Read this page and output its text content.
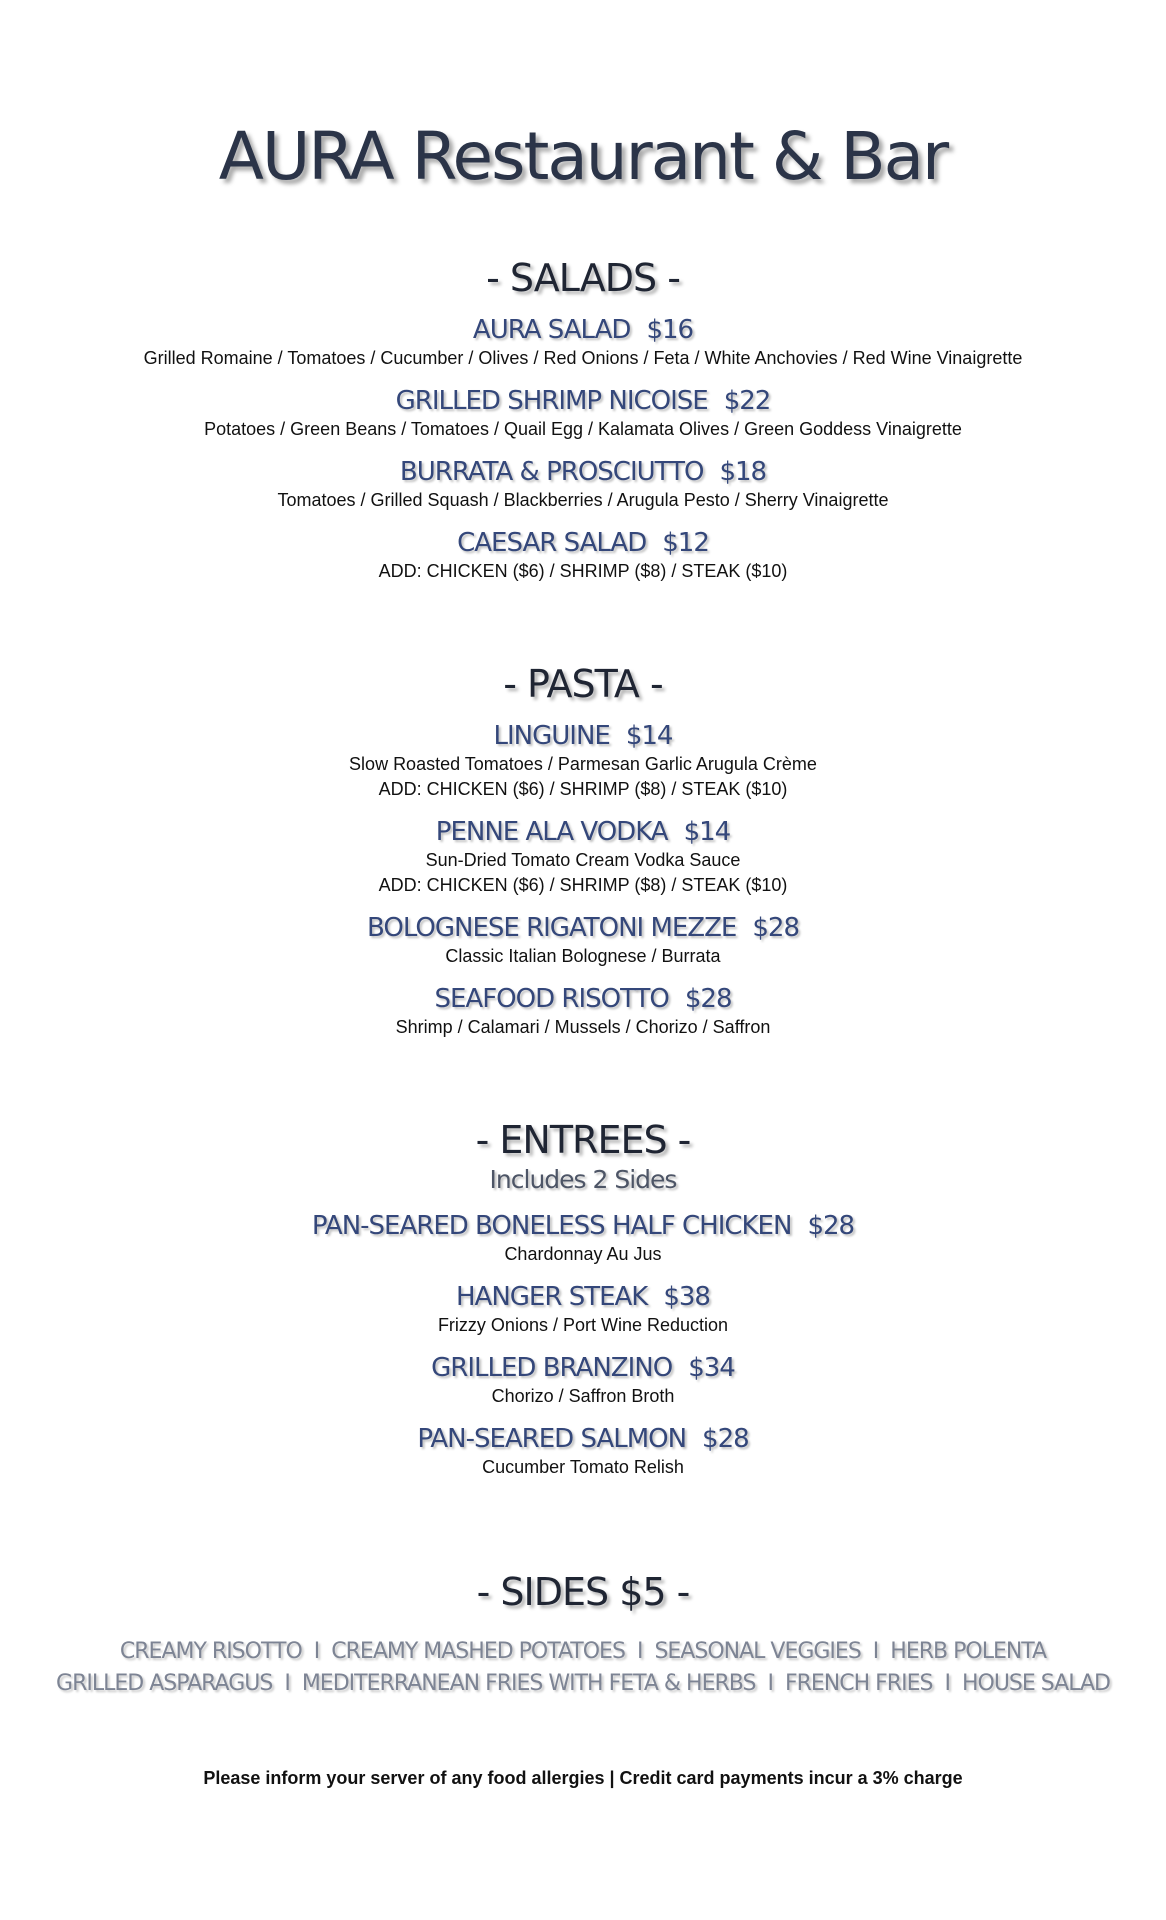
AURA Restaurant & Bar
- SALADS -
AURA SALAD $16
Grilled Romaine / Tomatoes / Cucumber / Olives / Red Onions / Feta / White Anchovies / Red Wine Vinaigrette
GRILLED SHRIMP NICOISE $22
Potatoes / Green Beans / Tomatoes / Quail Egg / Kalamata Olives / Green Goddess Vinaigrette
BURRATA & PROSCIUTTO $18
Tomatoes / Grilled Squash / Blackberries / Arugula Pesto / Sherry Vinaigrette
CAESAR SALAD $12
ADD: CHICKEN ($6) / SHRIMP ($8) / STEAK ($10)
- PASTA -
LINGUINE $14
Slow Roasted Tomatoes / Parmesan Garlic Arugula Crème
ADD: CHICKEN ($6) / SHRIMP ($8) / STEAK ($10)
PENNE ALA VODKA $14
Sun-Dried Tomato Cream Vodka Sauce
ADD: CHICKEN ($6) / SHRIMP ($8) / STEAK ($10)
BOLOGNESE RIGATONI MEZZE $28
Classic Italian Bolognese / Burrata
SEAFOOD RISOTTO $28
Shrimp / Calamari / Mussels / Chorizo / Saffron
- ENTREES -
Includes 2 Sides
PAN-SEARED BONELESS HALF CHICKEN $28
Chardonnay Au Jus
HANGER STEAK $38
Frizzy Onions / Port Wine Reduction
GRILLED BRANZINO $34
Chorizo / Saffron Broth
PAN-SEARED SALMON $28
Cucumber Tomato Relish
- SIDES $5 -
CREAMY RISOTTO I CREAMY MASHED POTATOES I SEASONAL VEGGIES I HERB POLENTA
GRILLED ASPARAGUS I MEDITERRANEAN FRIES WITH FETA & HERBS I FRENCH FRIES I HOUSE SALAD
Please inform your server of any food allergies | Credit card payments incur a 3% charge
